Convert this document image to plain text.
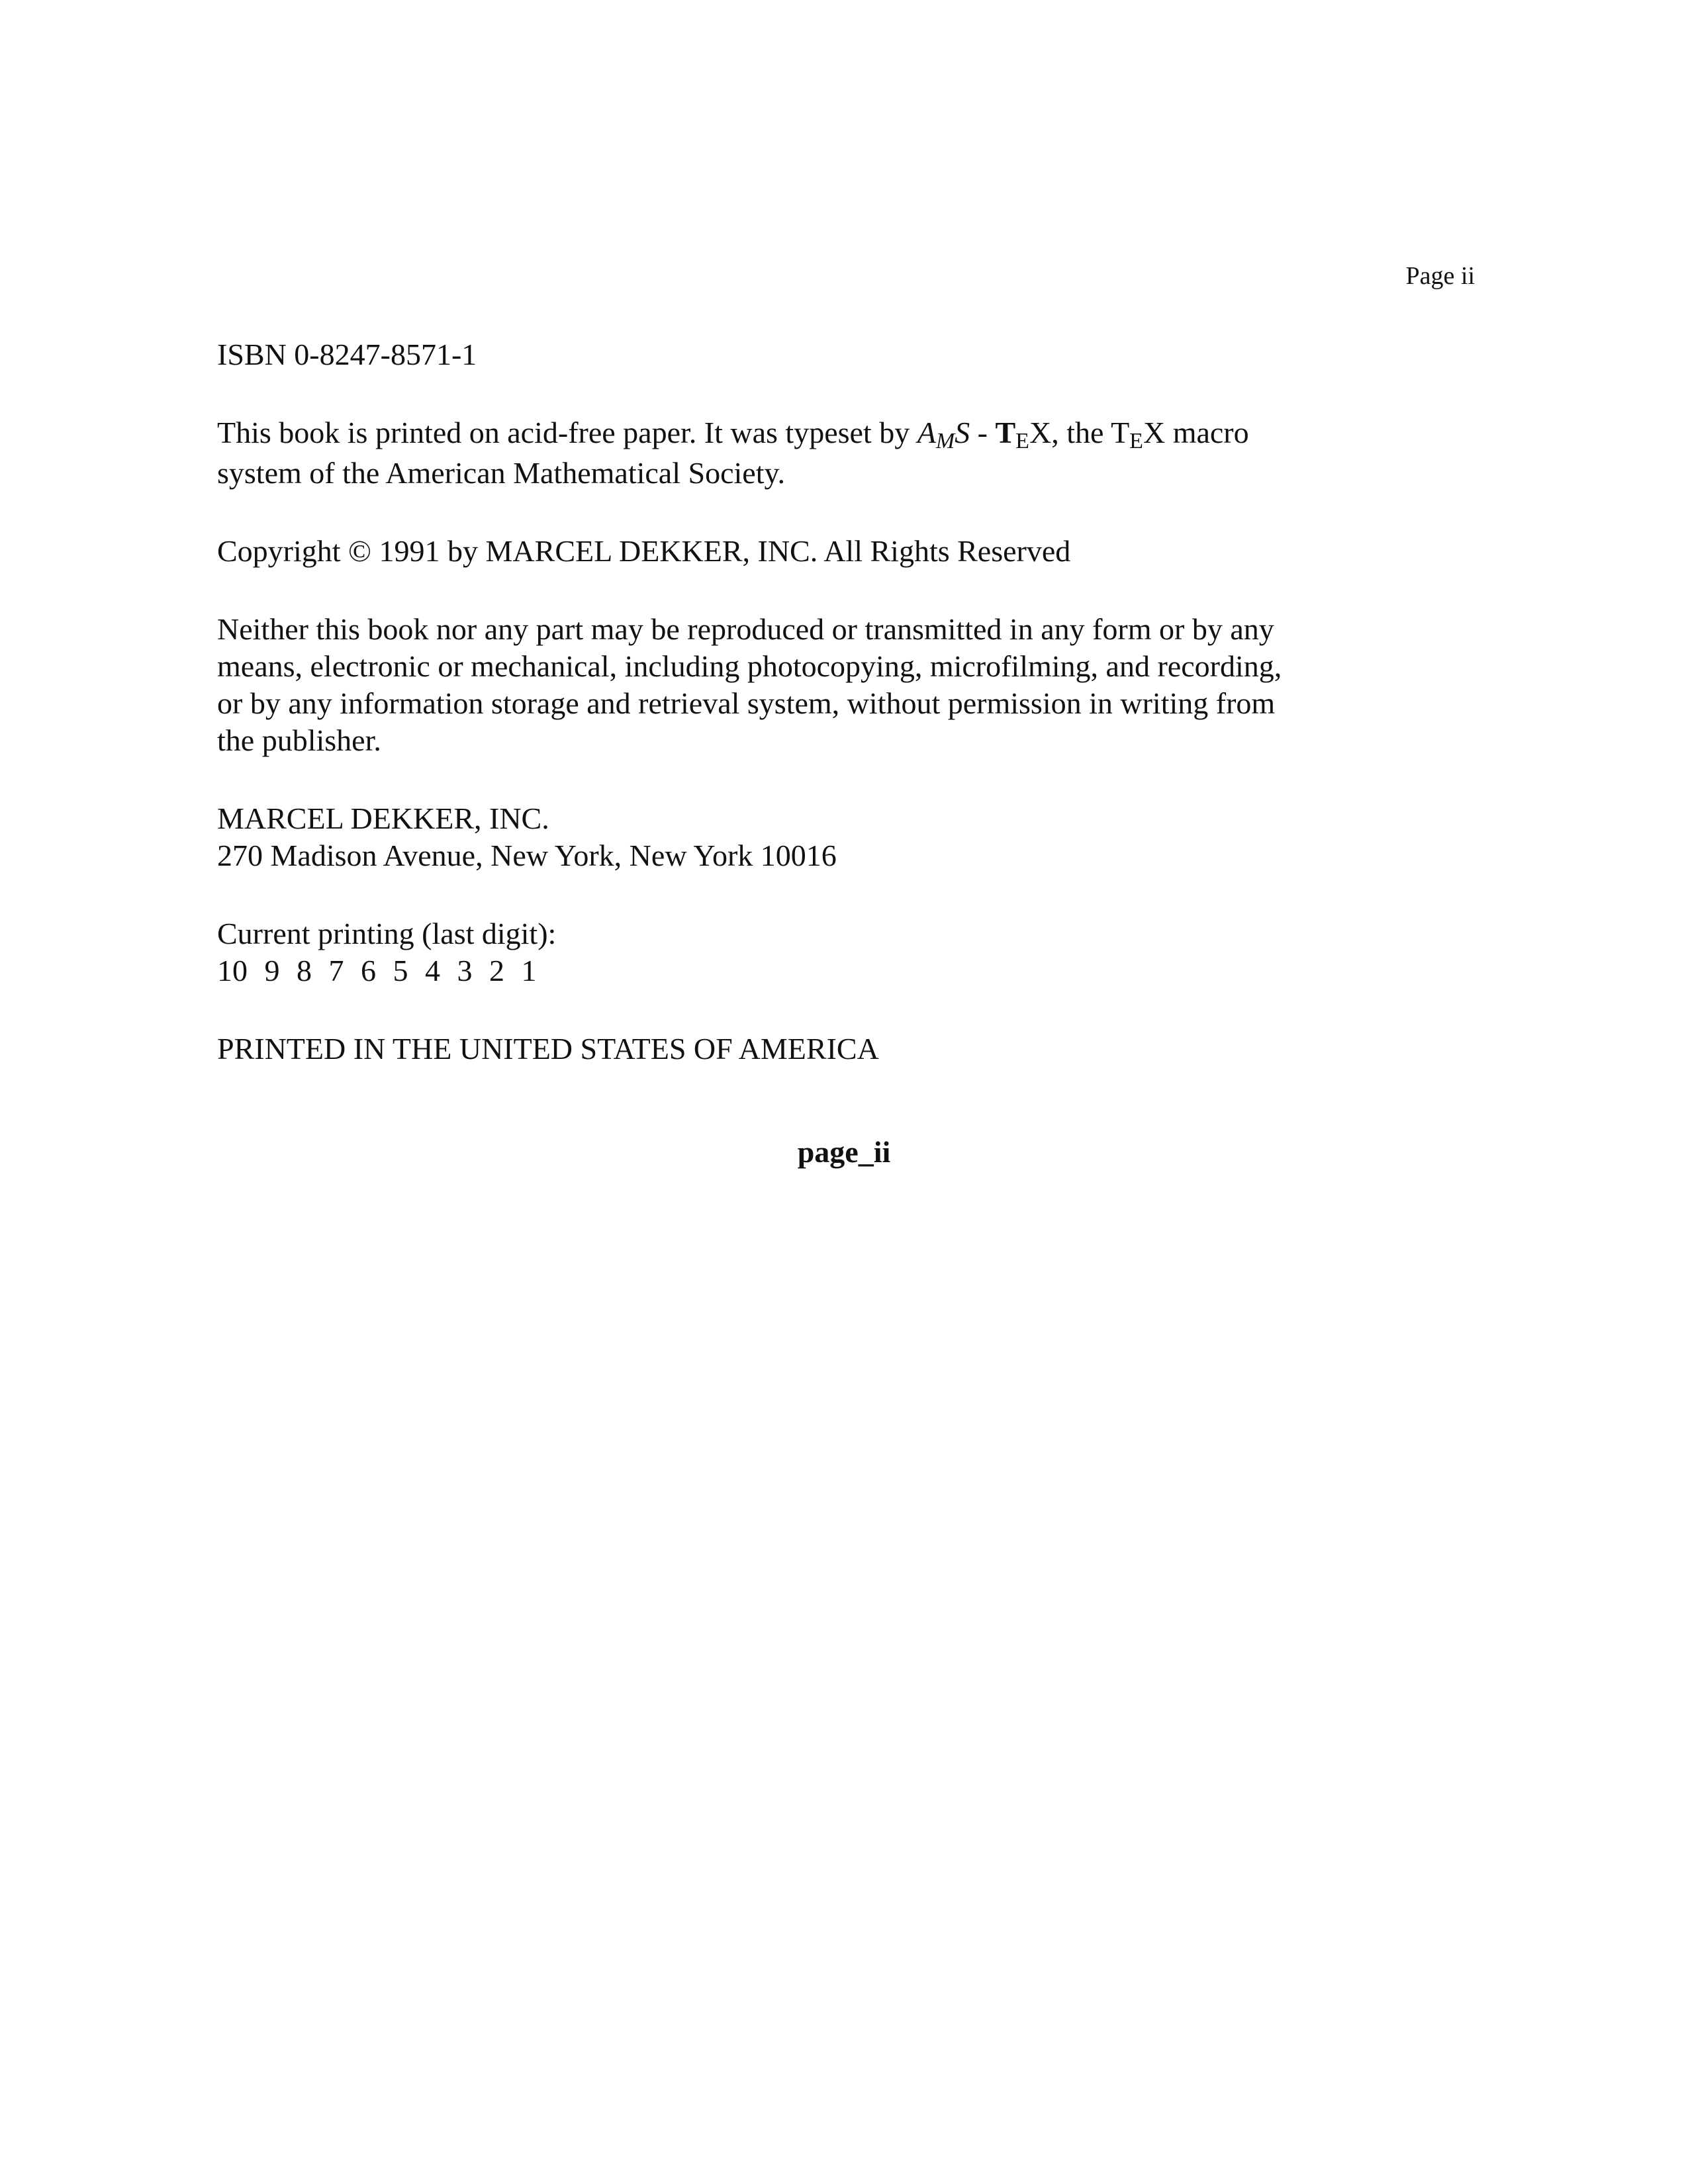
Page ii

ISBN 0-8247-8571-1

This book is printed on acid-free paper. It was typeset by AMS - TEX, the TEX macro
system of the American Mathematical Society.

Copyright © 1991 by MARCEL DEKKER, INC. All Rights Reserved

Neither this book nor any part may be reproduced or transmitted in any form or by any
means, electronic or mechanical, including photocopying, microfilming, and recording,
or by any information storage and retrieval system, without permission in writing from
the publisher.

MARCEL DEKKER, INC.
270 Madison Avenue, New York, New York 10016

Current printing (last digit):
10 9 8 7 6 5 4 3 2 1

PRINTED IN THE UNITED STATES OF AMERICA

page_ii
